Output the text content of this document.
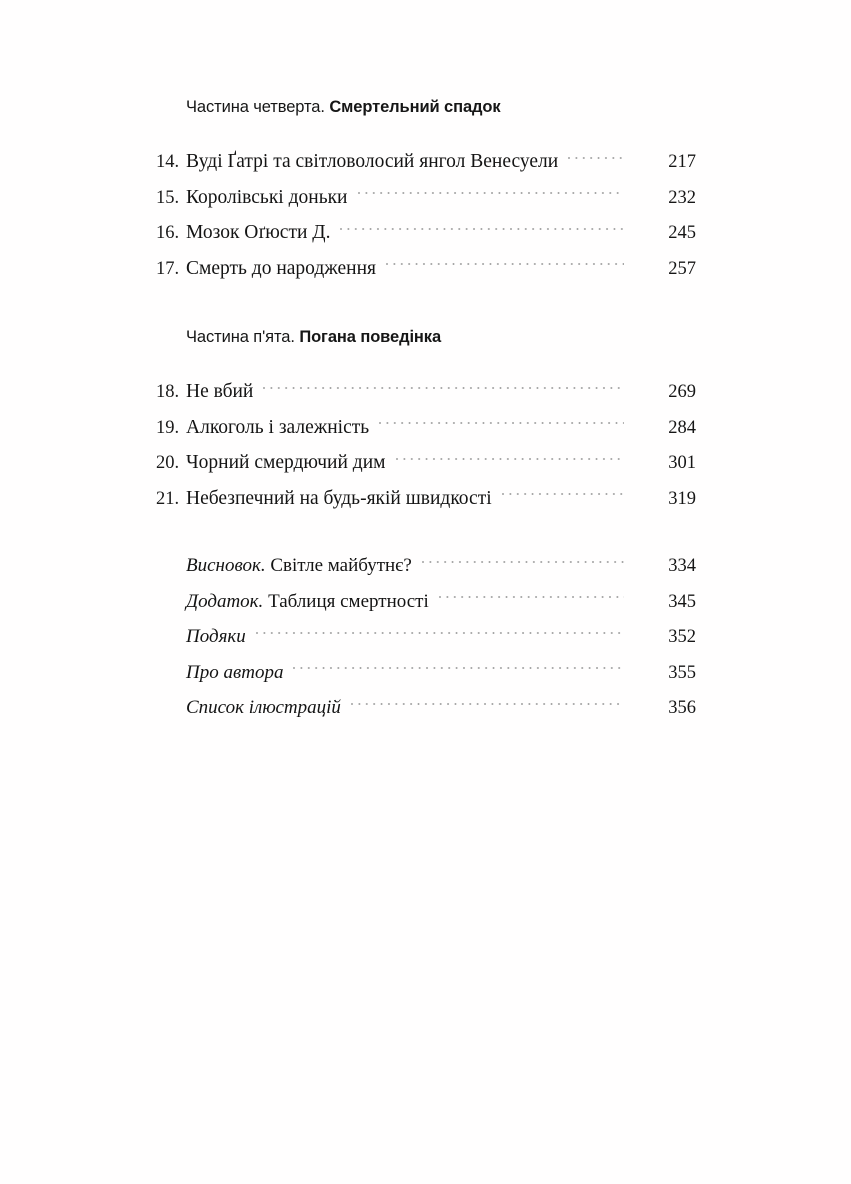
Частина четверта. Смертельний спадок
14. Вуді Ґатрі та світловолосий янгол Венесуели	217
15. Королівські доньки	232
16. Мозок Оґюсти Д.	245
17. Смерть до народження	257
Частина п'ята. Погана поведінка
18. Не вбий	269
19. Алкоголь і залежність	284
20. Чорний смердючий дим	301
21. Небезпечний на будь-якій швидкості	319
Висновок. Світле майбутнє?	334
Додаток. Таблиця смертності	345
Подяки	352
Про автора	355
Список ілюстрацій	356
